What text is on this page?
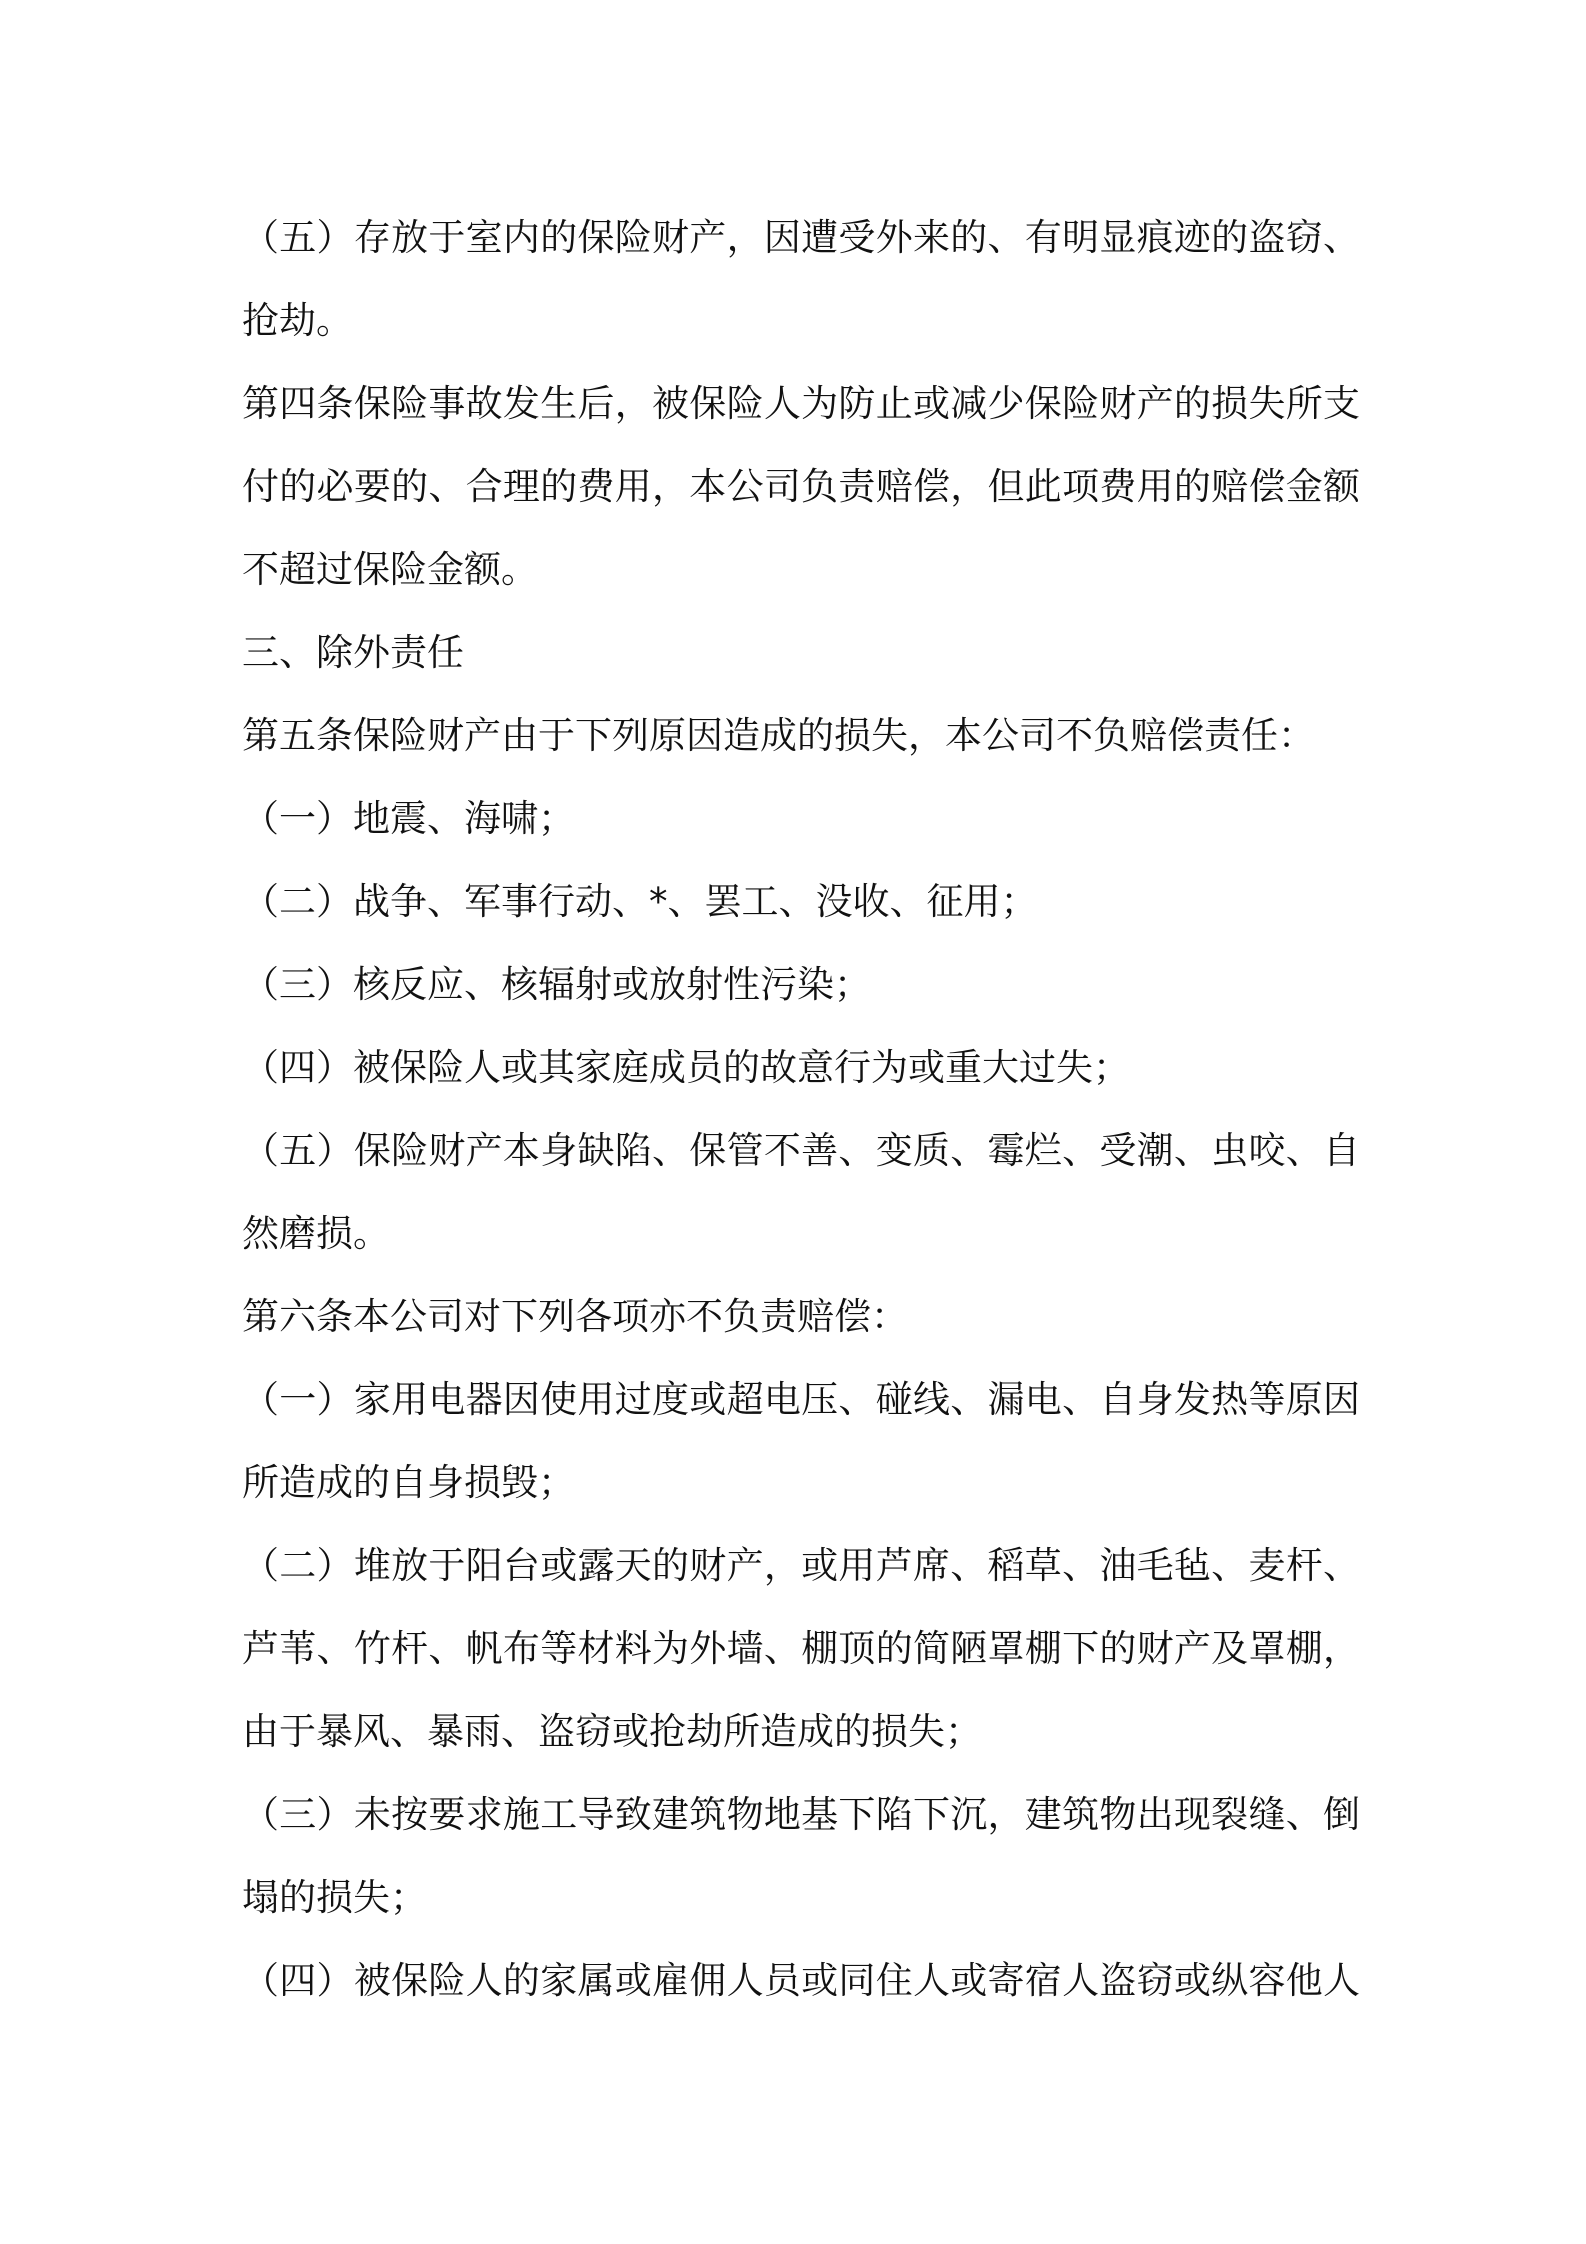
（五）存放于室内的保险财产，因遭受外来的、有明显痕迹的盗窃、
抢劫。
第四条保险事故发生后，被保险人为防止或减少保险财产的损失所支
付的必要的、合理的费用，本公司负责赔偿，但此项费用的赔偿金额
不超过保险金额。
三、除外责任
第五条保险财产由于下列原因造成的损失，本公司不负赔偿责任：
（一）地震、海啸；
（二）战争、军事行动、*、罢工、没收、征用；
（三）核反应、核辐射或放射性污染；
（四）被保险人或其家庭成员的故意行为或重大过失；
（五）保险财产本身缺陷、保管不善、变质、霉烂、受潮、虫咬、自
然磨损。
第六条本公司对下列各项亦不负责赔偿：
（一）家用电器因使用过度或超电压、碰线、漏电、自身发热等原因
所造成的自身损毁；
（二）堆放于阳台或露天的财产，或用芦席、稻草、油毛毡、麦杆、
芦苇、竹杆、帆布等材料为外墙、棚顶的简陋罩棚下的财产及罩棚，
由于暴风、暴雨、盗窃或抢劫所造成的损失；
（三）未按要求施工导致建筑物地基下陷下沉，建筑物出现裂缝、倒
塌的损失；
（四）被保险人的家属或雇佣人员或同住人或寄宿人盗窃或纵容他人
